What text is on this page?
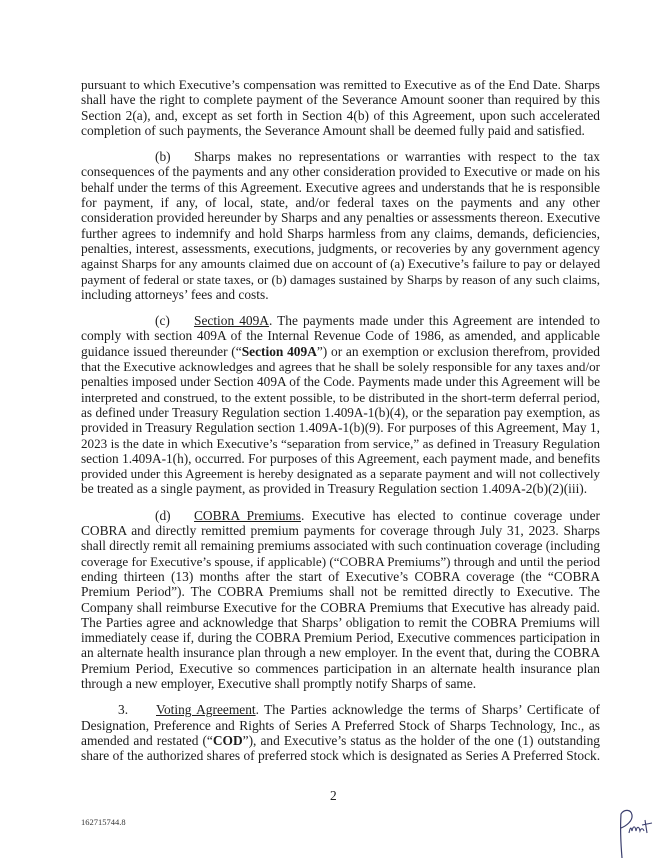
pursuant to which Executive’s compensation was remitted to Executive as of the End Date. Sharps
shall have the right to complete payment of the Severance Amount sooner than required by this
Section 2(a), and, except as set forth in Section 4(b) of this Agreement, upon such accelerated
completion of such payments, the Severance Amount shall be deemed fully paid and satisfied.
(b)	Sharps makes no representations or warranties with respect to the tax
consequences of the payments and any other consideration provided to Executive or made on his
behalf under the terms of this Agreement. Executive agrees and understands that he is responsible
for payment, if any, of local, state, and/or federal taxes on the payments and any other
consideration provided hereunder by Sharps and any penalties or assessments thereon. Executive
further agrees to indemnify and hold Sharps harmless from any claims, demands, deficiencies,
penalties, interest, assessments, executions, judgments, or recoveries by any government agency
against Sharps for any amounts claimed due on account of (a) Executive’s failure to pay or delayed
payment of federal or state taxes, or (b) damages sustained by Sharps by reason of any such claims,
including attorneys’ fees and costs.
(c)	Section 409A. The payments made under this Agreement are intended to
comply with section 409A of the Internal Revenue Code of 1986, as amended, and applicable
guidance issued thereunder (“Section 409A”) or an exemption or exclusion therefrom, provided
that the Executive acknowledges and agrees that he shall be solely responsible for any taxes and/or
penalties imposed under Section 409A of the Code. Payments made under this Agreement will be
interpreted and construed, to the extent possible, to be distributed in the short-term deferral period,
as defined under Treasury Regulation section 1.409A-1(b)(4), or the separation pay exemption, as
provided in Treasury Regulation section 1.409A-1(b)(9). For purposes of this Agreement, May 1,
2023 is the date in which Executive’s “separation from service,” as defined in Treasury Regulation
section 1.409A-1(h), occurred. For purposes of this Agreement, each payment made, and benefits
provided under this Agreement is hereby designated as a separate payment and will not collectively
be treated as a single payment, as provided in Treasury Regulation section 1.409A-2(b)(2)(iii).
(d)	COBRA Premiums. Executive has elected to continue coverage under
COBRA and directly remitted premium payments for coverage through July 31, 2023. Sharps
shall directly remit all remaining premiums associated with such continuation coverage (including
coverage for Executive’s spouse, if applicable) (“COBRA Premiums”) through and until the period
ending thirteen (13) months after the start of Executive’s COBRA coverage (the “COBRA
Premium Period”). The COBRA Premiums shall not be remitted directly to Executive. The
Company shall reimburse Executive for the COBRA Premiums that Executive has already paid.
The Parties agree and acknowledge that Sharps’ obligation to remit the COBRA Premiums will
immediately cease if, during the COBRA Premium Period, Executive commences participation in
an alternate health insurance plan through a new employer. In the event that, during the COBRA
Premium Period, Executive so commences participation in an alternate health insurance plan
through a new employer, Executive shall promptly notify Sharps of same.
3.	Voting Agreement. The Parties acknowledge the terms of Sharps’ Certificate of
Designation, Preference and Rights of Series A Preferred Stock of Sharps Technology, Inc., as
amended and restated (“COD”), and Executive’s status as the holder of the one (1) outstanding
share of the authorized shares of preferred stock which is designated as Series A Preferred Stock.
2
162715744.8
